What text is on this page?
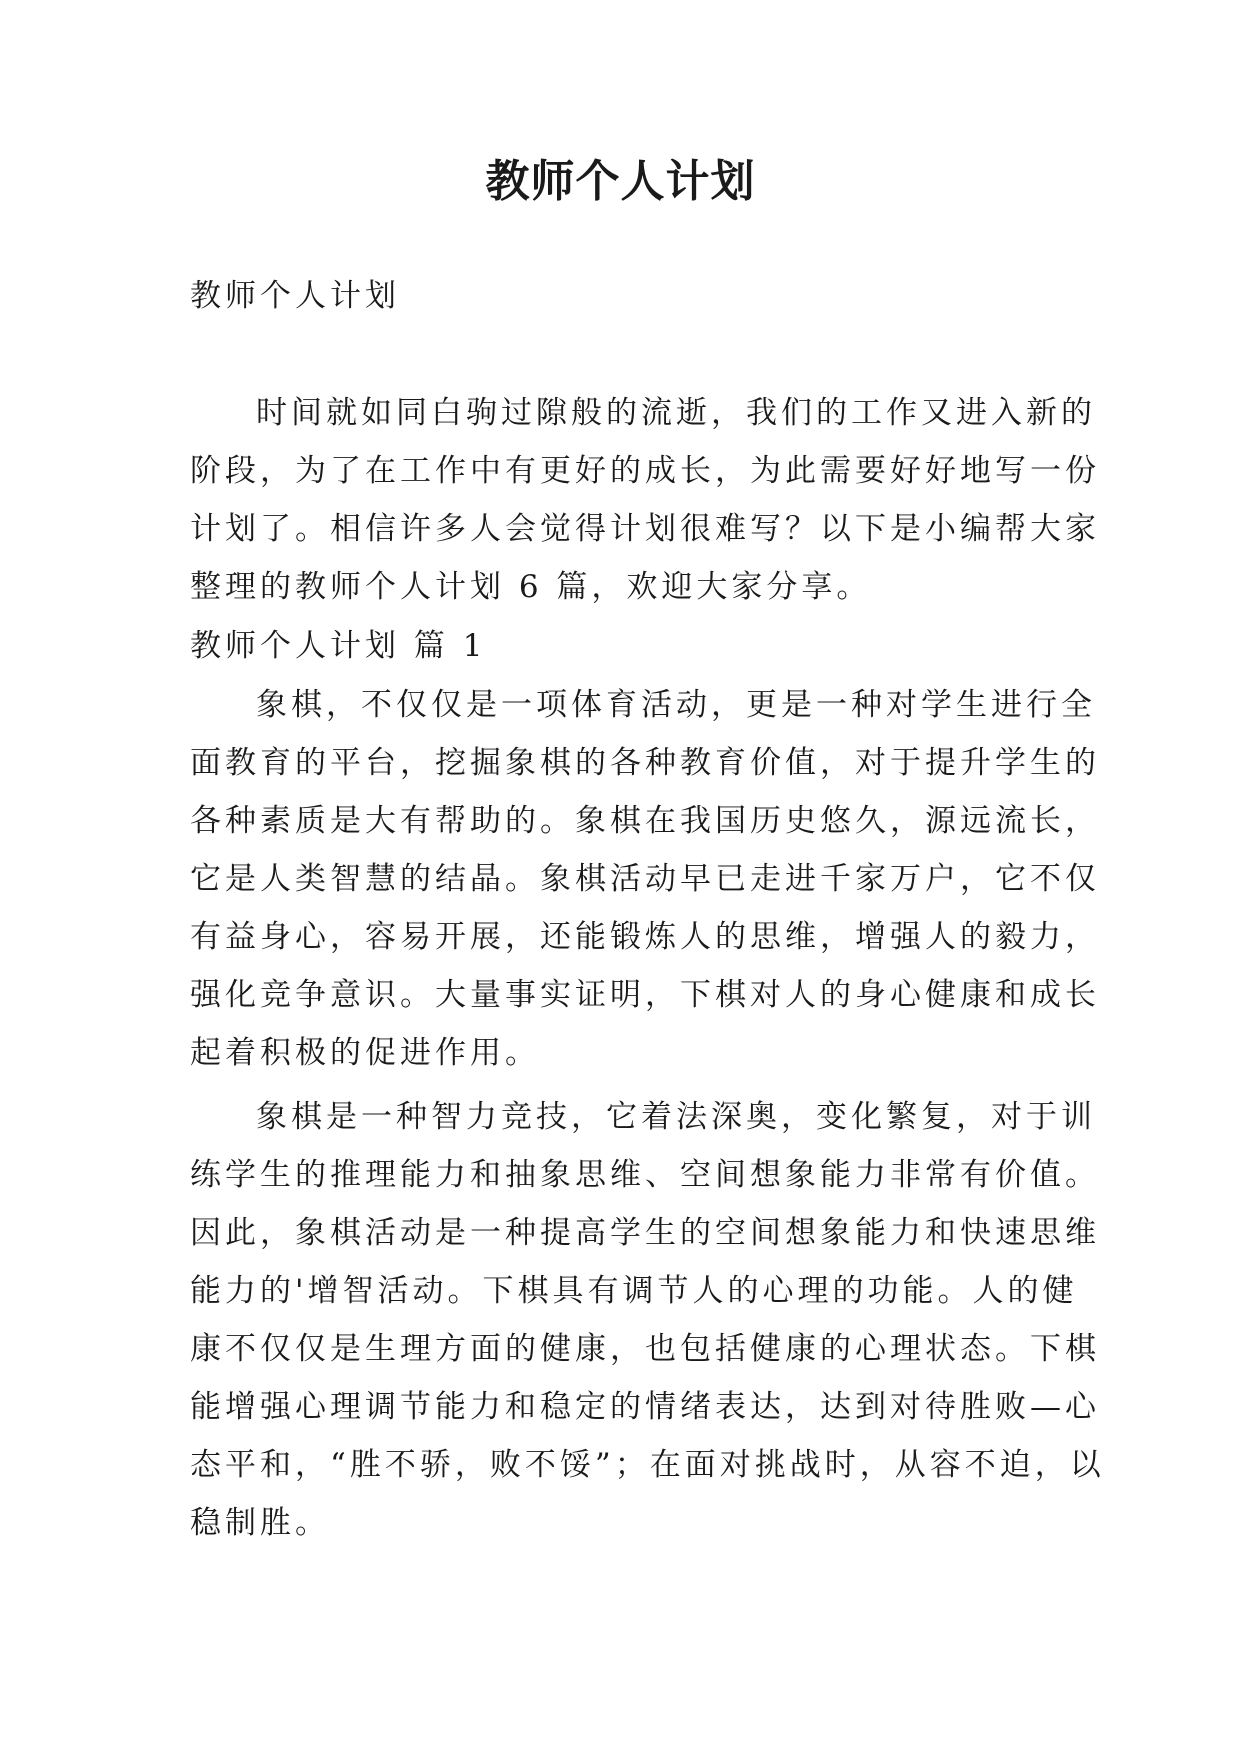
教师个人计划

教师个人计划

时间就如同白驹过隙般的流逝，我们的工作又进入新的

阶段，为了在工作中有更好的成长，为此需要好好地写一份

计划了。相信许多人会觉得计划很难写？以下是小编帮大家

整理的教师个人计划 6 篇，欢迎大家分享。

教师个人计划 篇 1

象棋，不仅仅是一项体育活动，更是一种对学生进行全

面教育的平台，挖掘象棋的各种教育价值，对于提升学生的

各种素质是大有帮助的。象棋在我国历史悠久，源远流长，

它是人类智慧的结晶。象棋活动早已走进千家万户，它不仅

有益身心，容易开展，还能锻炼人的思维，增强人的毅力，

强化竞争意识。大量事实证明，下棋对人的身心健康和成长

起着积极的促进作用。

象棋是一种智力竞技，它着法深奥，变化繁复，对于训

练学生的推理能力和抽象思维、空间想象能力非常有价值。

因此，象棋活动是一种提高学生的空间想象能力和快速思维

能力的'增智活动。下棋具有调节人的心理的功能。人的健

康不仅仅是生理方面的健康，也包括健康的心理状态。下棋

能增强心理调节能力和稳定的情绪表达，达到对待胜败—心

态平和，“胜不骄，败不馁”；在面对挑战时，从容不迫，以

稳制胜。
